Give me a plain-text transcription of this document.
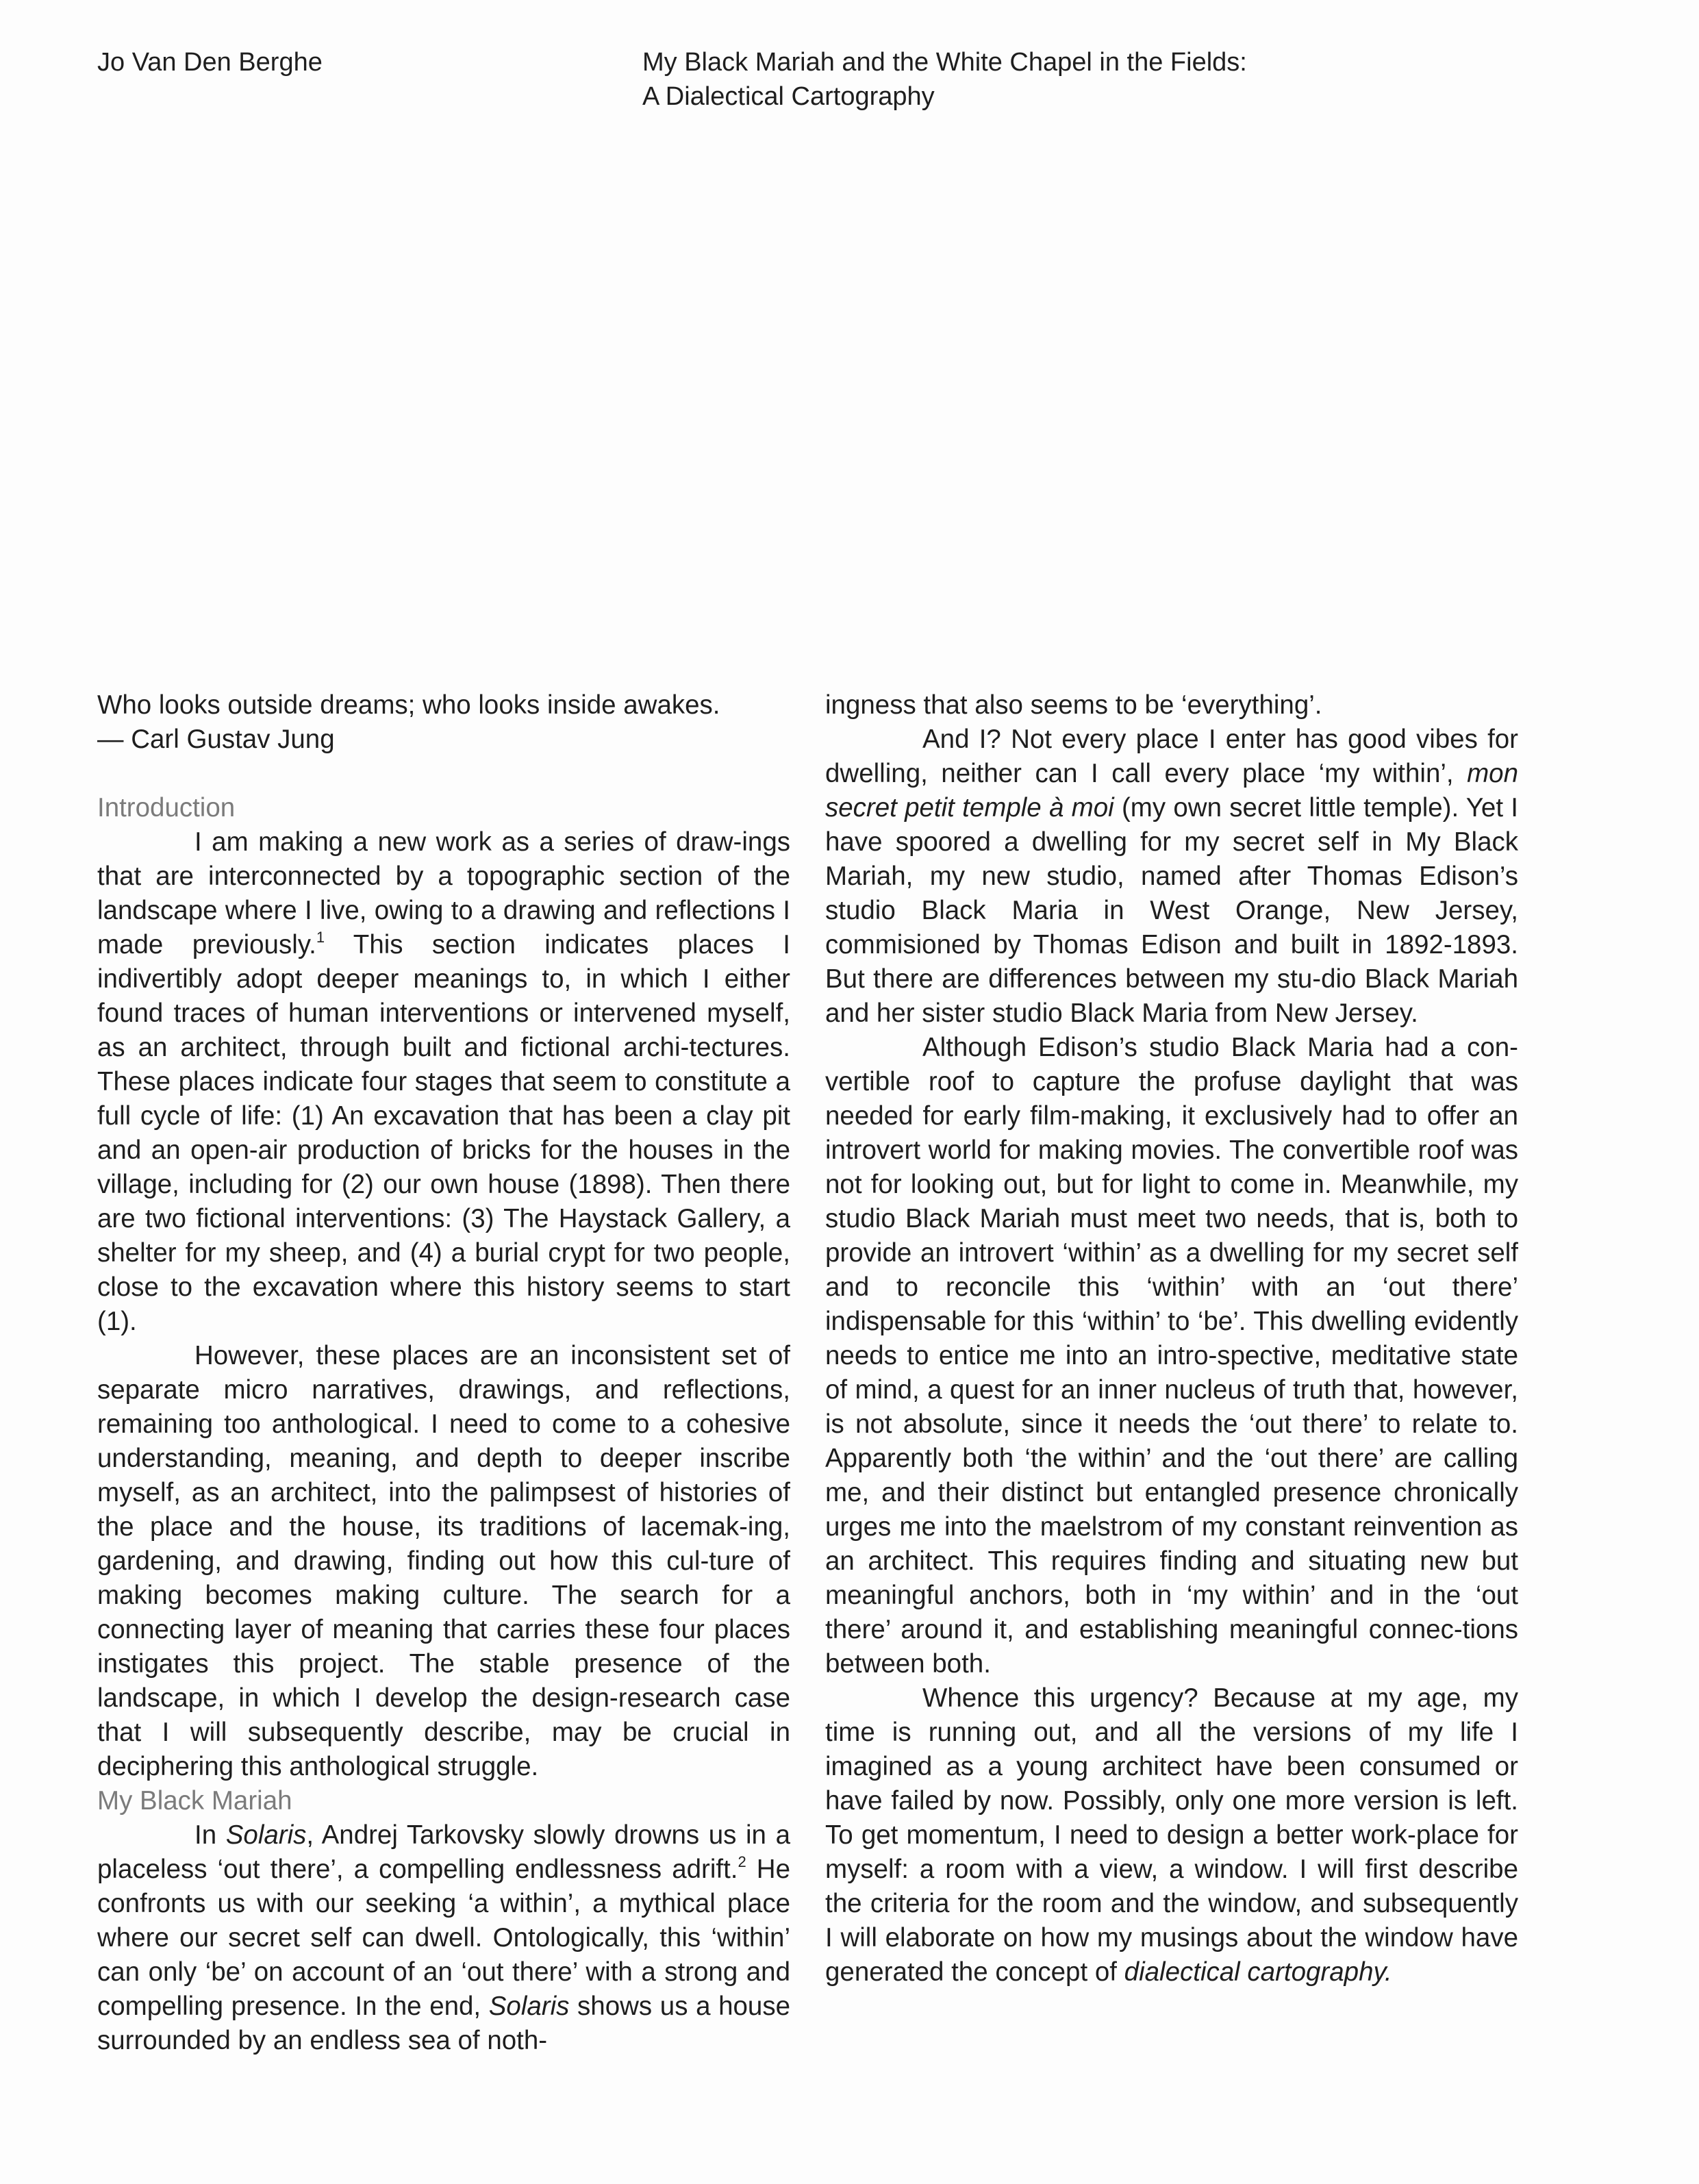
Jo Van Den Berghe	My Black Mariah and the White Chapel in the Fields:
A Dialectical Cartography

Who looks outside dreams; who looks inside awakes.

— Carl Gustav Jung

Introduction

I am making a new work as a series of draw-ings that are interconnected by a topographic section of the landscape where I live, owing to a drawing and reflections I made previously.$^1$ This section indicates places I indivertibly adopt deeper meanings to, in which I either found traces of human interventions or intervened myself, as an architect, through built and fictional archi-tectures. These places indicate four stages that seem to constitute a full cycle of life: (1) An excavation that has been a clay pit and an open-air production of bricks for the houses in the village, including for (2) our own house (1898). Then there are two fictional interventions: (3) The Haystack Gallery, a shelter for my sheep, and (4) a burial crypt for two people, close to the excavation where this history seems to start (1).

However, these places are an inconsistent set of separate micro narratives, drawings, and reflections, remaining too anthological. I need to come to a cohesive understanding, meaning, and depth to deeper inscribe myself, as an architect, into the palimpsest of histories of the place and the house, its traditions of lacemak-ing, gardening, and drawing, finding out how this cul-ture of making becomes making culture. The search for a connecting layer of meaning that carries these four places instigates this project. The stable presence of the landscape, in which I develop the design-research case that I will subsequently describe, may be crucial in deciphering this anthological struggle.

My Black Mariah

In Solaris, Andrej Tarkovsky slowly drowns us in a placeless ‘out there’, a compelling endlessness adrift.$^2$ He confronts us with our seeking ‘a within’, a mythical place where our secret self can dwell. Ontologically, this ‘within’ can only ‘be’ on account of an ‘out there’ with a strong and compelling presence. In the end, Solaris shows us a house surrounded by an endless sea of noth-

ingness that also seems to be ‘everything’.

And I? Not every place I enter has good vibes for dwelling, neither can I call every place ‘my within’, mon secret petit temple à moi (my own secret little temple). Yet I have spoored a dwelling for my secret self in My Black Mariah, my new studio, named after Thomas Edison’s studio Black Maria in West Orange, New Jersey, commisioned by Thomas Edison and built in 1892-1893. But there are differences between my stu-dio Black Mariah and her sister studio Black Maria from New Jersey.

Although Edison’s studio Black Maria had a con-vertible roof to capture the profuse daylight that was needed for early film-making, it exclusively had to offer an introvert world for making movies. The convertible roof was not for looking out, but for light to come in. Meanwhile, my studio Black Mariah must meet two needs, that is, both to provide an introvert ‘within’ as a dwelling for my secret self and to reconcile this ‘within’ with an ‘out there’ indispensable for this ‘within’ to ‘be’. This dwelling evidently needs to entice me into an intro-spective, meditative state of mind, a quest for an inner nucleus of truth that, however, is not absolute, since it needs the ‘out there’ to relate to. Apparently both ‘the within’ and the ‘out there’ are calling me, and their distinct but entangled presence chronically urges me into the maelstrom of my constant reinvention as an architect. This requires finding and situating new but meaningful anchors, both in ‘my within’ and in the ‘out there’ around it, and establishing meaningful connec-tions between both.

Whence this urgency? Because at my age, my time is running out, and all the versions of my life I imagined as a young architect have been consumed or have failed by now. Possibly, only one more version is left. To get momentum, I need to design a better work-place for myself: a room with a view, a window. I will first describe the criteria for the room and the window, and subsequently I will elaborate on how my musings about the window have generated the concept of dialectical cartography.
